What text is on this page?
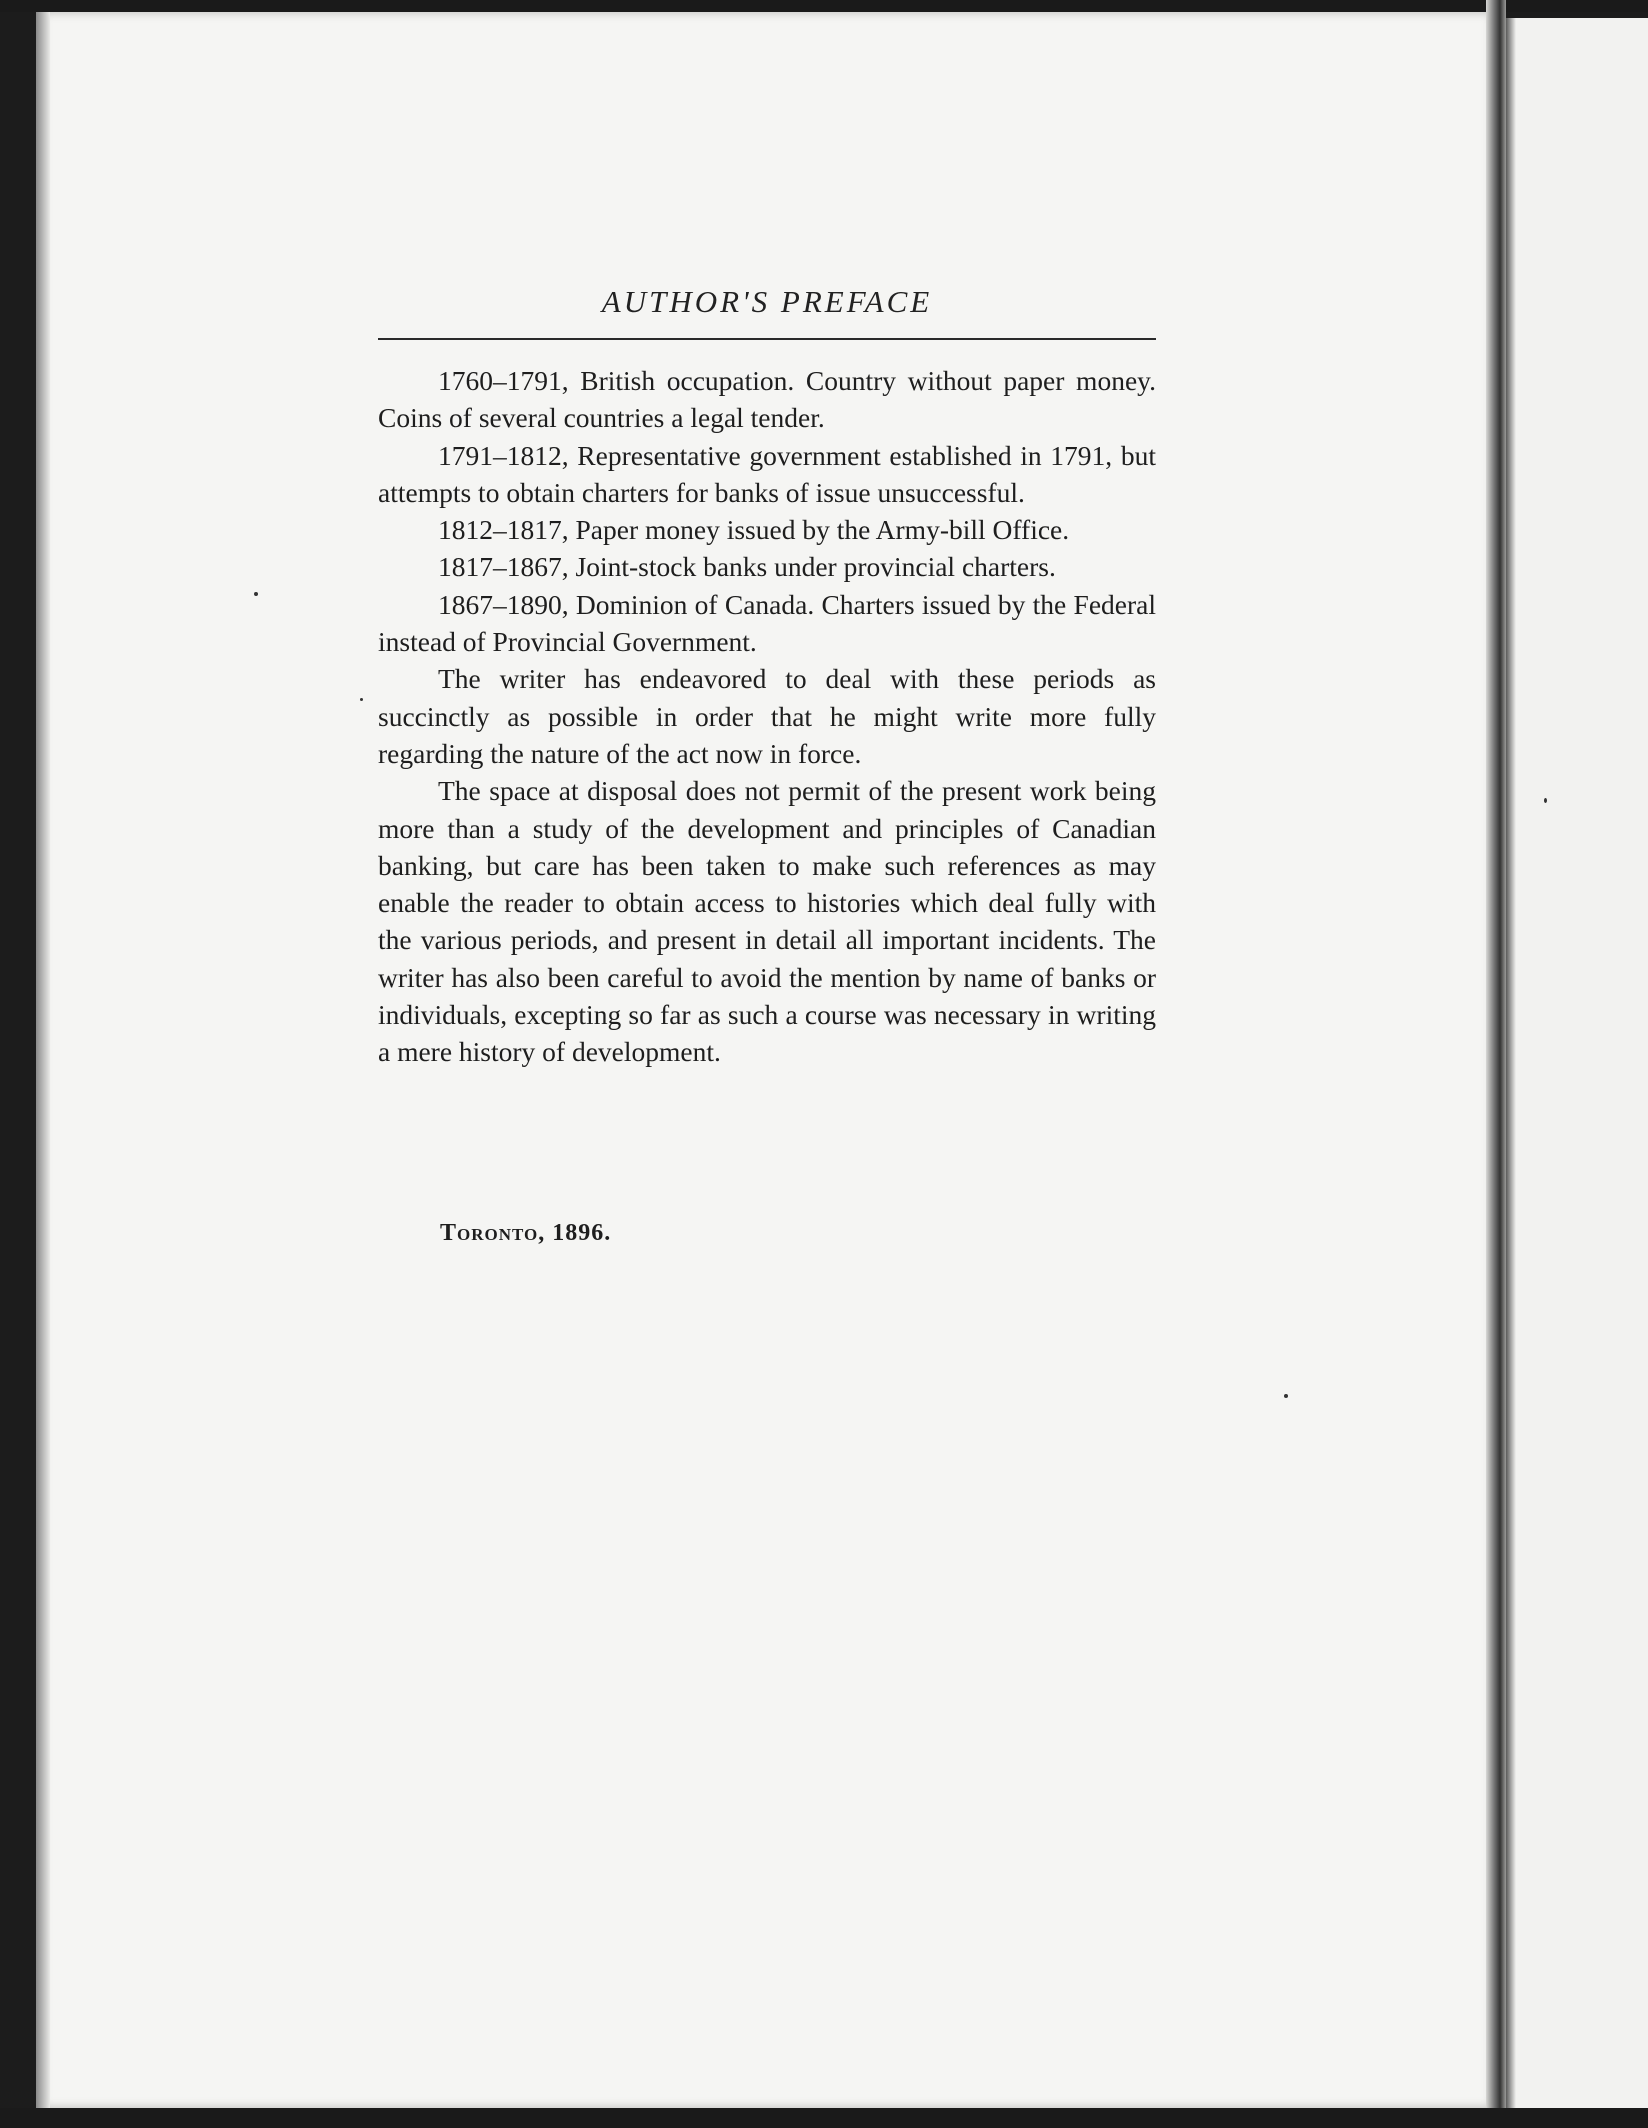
AUTHOR'S PREFACE

1760–1791, British occupation. Country without paper money. Coins of several countries a legal tender.

1791–1812, Representative government established in 1791, but attempts to obtain charters for banks of issue unsuccessful.

1812–1817, Paper money issued by the Army-bill Office.

1817–1867, Joint-stock banks under provincial charters.

1867–1890, Dominion of Canada. Charters issued by the Federal instead of Provincial Government.

The writer has endeavored to deal with these periods as succinctly as possible in order that he might write more fully regarding the nature of the act now in force.

The space at disposal does not permit of the present work being more than a study of the development and principles of Canadian banking, but care has been taken to make such references as may enable the reader to obtain access to histories which deal fully with the various periods, and present in detail all important incidents. The writer has also been careful to avoid the mention by name of banks or individuals, excepting so far as such a course was necessary in writing a mere history of development.

Toronto, 1896.
